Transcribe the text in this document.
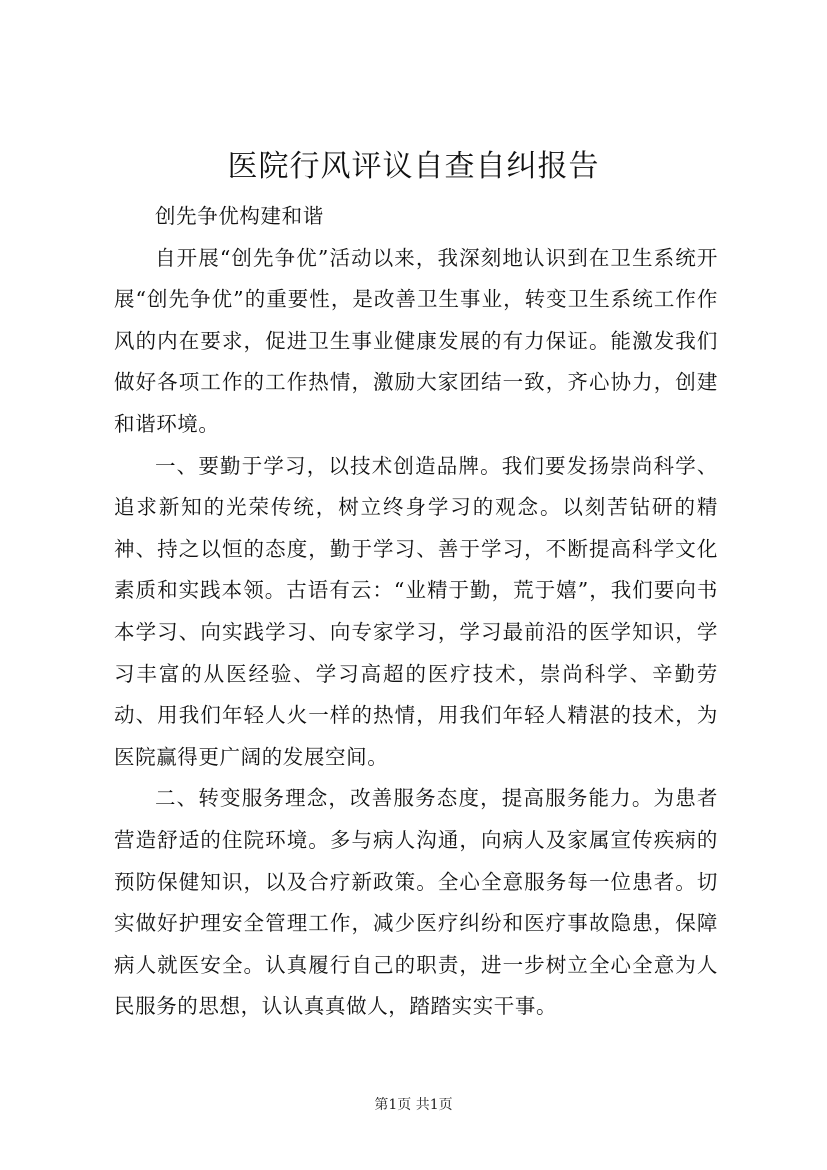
医院行风评议自查自纠报告

创先争优构建和谐

自开展“创先争优”活动以来，我深刻地认识到在卫生系统开展“创先争优”的重要性，是改善卫生事业，转变卫生系统工作作风的内在要求，促进卫生事业健康发展的有力保证。能激发我们做好各项工作的工作热情，激励大家团结一致，齐心协力，创建和谐环境。

一、要勤于学习，以技术创造品牌。我们要发扬崇尚科学、追求新知的光荣传统，树立终身学习的观念。以刻苦钻研的精神、持之以恒的态度，勤于学习、善于学习，不断提高科学文化素质和实践本领。古语有云：“业精于勤，荒于嬉”，我们要向书本学习、向实践学习、向专家学习，学习最前沿的医学知识，学习丰富的从医经验、学习高超的医疗技术，崇尚科学、辛勤劳动、用我们年轻人火一样的热情，用我们年轻人精湛的技术，为医院赢得更广阔的发展空间。

二、转变服务理念，改善服务态度，提高服务能力。为患者营造舒适的住院环境。多与病人沟通，向病人及家属宣传疾病的预防保健知识，以及合疗新政策。全心全意服务每一位患者。切实做好护理安全管理工作，减少医疗纠纷和医疗事故隐患，保障病人就医安全。认真履行自己的职责，进一步树立全心全意为人民服务的思想，认认真真做人，踏踏实实干事。

第1页 共1页
